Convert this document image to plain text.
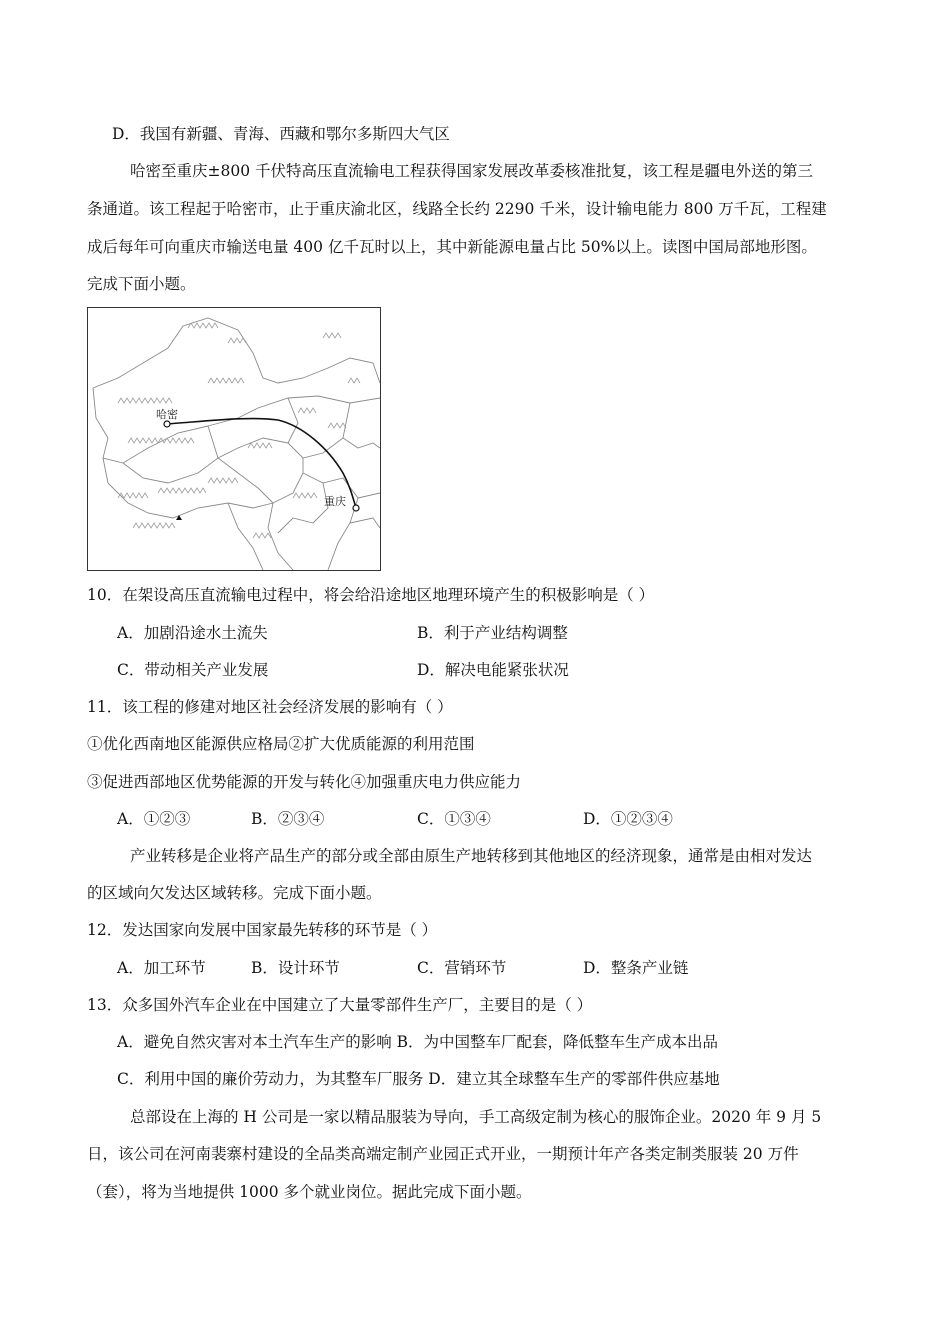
D．我国有新疆、青海、西藏和鄂尔多斯四大气区
哈密至重庆±800 千伏特高压直流输电工程获得国家发展改革委核准批复，该工程是疆电外送的第三
条通道。该工程起于哈密市，止于重庆渝北区，线路全长约 2290 千米，设计输电能力 800 万千瓦，工程建
成后每年可向重庆市输送电量 400 亿千瓦时以上，其中新能源电量占比 50%以上。读图中国局部地形图。
完成下面小题。
哈密
重庆
10．在架设高压直流输电过程中，将会给沿途地区地理环境产生的积极影响是（ ）
A．加剧沿途水土流失	B．利于产业结构调整
C．带动相关产业发展	D．解决电能紧张状况
11．该工程的修建对地区社会经济发展的影响有（ ）
①优化西南地区能源供应格局②扩大优质能源的利用范围
③促进西部地区优势能源的开发与转化④加强重庆电力供应能力
A．①②③	B．②③④	C．①③④	D．①②③④
产业转移是企业将产品生产的部分或全部由原生产地转移到其他地区的经济现象，通常是由相对发达
的区域向欠发达区域转移。完成下面小题。
12．发达国家向发展中国家最先转移的环节是（ ）
A．加工环节	B．设计环节	C．营销环节	D．整条产业链
13．众多国外汽车企业在中国建立了大量零部件生产厂，主要目的是（ ）
A．避免自然灾害对本土汽车生产的影响 B．为中国整车厂配套，降低整车生产成本出品
C．利用中国的廉价劳动力，为其整车厂服务 D．建立其全球整车生产的零部件供应基地
总部设在上海的 H 公司是一家以精品服装为导向，手工高级定制为核心的服饰企业。2020 年 9 月 5
日，该公司在河南裴寨村建设的全品类高端定制产业园正式开业，一期预计年产各类定制类服装 20 万件
（套），将为当地提供 1000 多个就业岗位。据此完成下面小题。
